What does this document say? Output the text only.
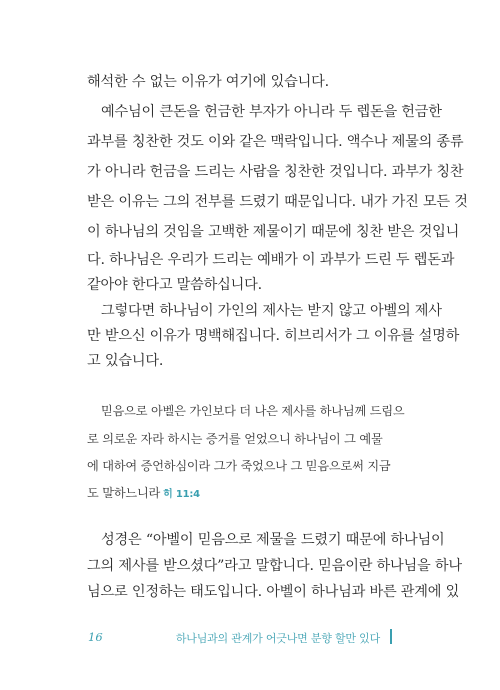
해석한 수 없는 이유가 여기에 있습니다.
예수님이 큰돈을 헌금한 부자가 아니라 두 렙돈을 헌금한
과부를 칭찬한 것도 이와 같은 맥락입니다. 액수나 제물의 종류
가 아니라 헌금을 드리는 사람을 칭찬한 것입니다. 과부가 칭찬
받은 이유는 그의 전부를 드렸기 때문입니다. 내가 가진 모든 것
이 하나님의 것임을 고백한 제물이기 때문에 칭찬 받은 것입니
다. 하나님은 우리가 드리는 예배가 이 과부가 드린 두 렙돈과
같아야 한다고 말씀하십니다.
그렇다면 하나님이 가인의 제사는 받지 않고 아벨의 제사
만 받으신 이유가 명백해집니다. 히브리서가 그 이유를 설명하
고 있습니다.
믿음으로 아벨은 가인보다 더 나은 제사를 하나님께 드림으
로 의로운 자라 하시는 증거를 얻었으니 하나님이 그 예물
에 대하여 증언하심이라 그가 죽었으나 그 믿음으로써 지금
도 말하느니라 히 11:4
성경은 “아벨이 믿음으로 제물을 드렸기 때문에 하나님이
그의 제사를 받으셨다”라고 말합니다. 믿음이란 하나님을 하나
님으로 인정하는 태도입니다. 아벨이 하나님과 바른 관계에 있
16	하나님과의 관계가 어긋나면 분향 할만 있다
